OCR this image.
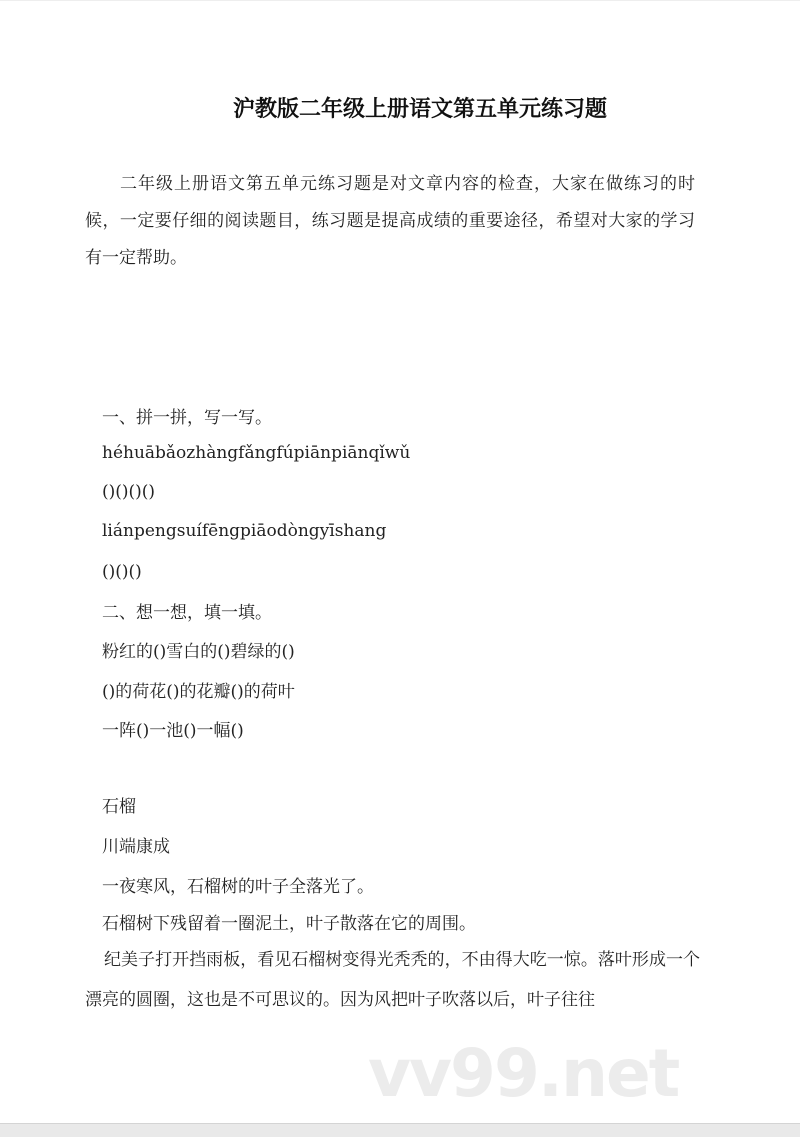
vv99.net
沪教版二年级上册语文第五单元练习题
二年级上册语文第五单元练习题是对文章内容的检查，大家在做练习的时候，一定要仔细的阅读题目，练习题是提高成绩的重要途径，希望对大家的学习有一定帮助。
一、拼一拼，写一写。
héhuābǎozhàngfǎngfúpiānpiānqǐwǔ
()()()()
liánpengsuífēngpiāodòngyīshang
()()()
二、想一想，填一填。
粉红的()雪白的()碧绿的()
()的荷花()的花瓣()的荷叶
一阵()一池()一幅()
石榴
川端康成
一夜寒风，石榴树的叶子全落光了。
石榴树下残留着一圈泥土，叶子散落在它的周围。
纪美子打开挡雨板，看见石榴树变得光秃秃的，不由得大吃一惊。落叶形成一个漂亮的圆圈，这也是不可思议的。因为风把叶子吹落以后，叶子往往
